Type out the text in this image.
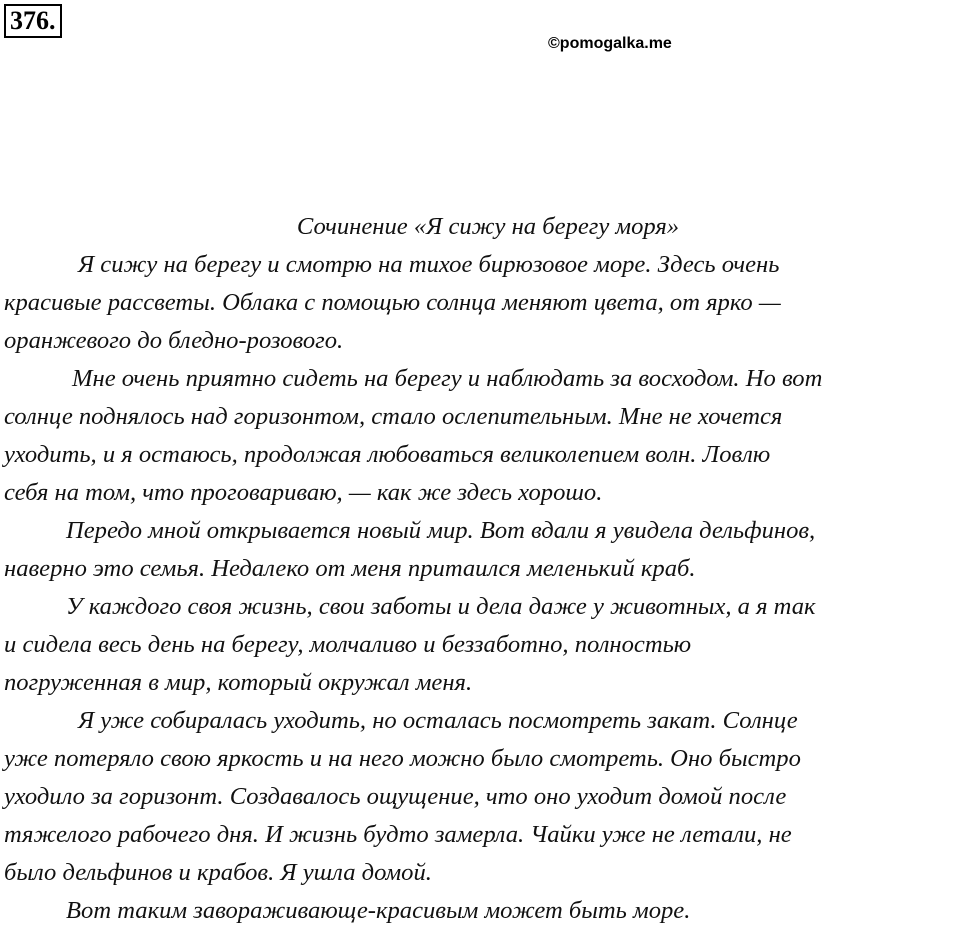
376.
©pomogalka.me

Сочинение «Я сижу на берегу моря»

Я сижу на берегу и смотрю на тихое бирюзовое море. Здесь очень
красивые рассветы. Облака с помощью солнца меняют цвета, от ярко —
оранжевого до бледно-розового.
Мне очень приятно сидеть на берегу и наблюдать за восходом. Но вот
солнце поднялось над горизонтом, стало ослепительным. Мне не хочется
уходить, и я остаюсь, продолжая любоваться великолепием волн. Ловлю
себя на том, что проговариваю, — как же здесь хорошо.
Передо мной открывается новый мир. Вот вдали я увидела дельфинов,
наверно это семья. Недалеко от меня притаился меленький краб.
У каждого своя жизнь, свои заботы и дела даже у животных, а я так
и сидела весь день на берегу, молчаливо и беззаботно, полностью
погруженная в мир, который окружал меня.
Я уже собиралась уходить, но осталась посмотреть закат. Солнце
уже потеряло свою яркость и на него можно было смотреть. Оно быстро
уходило за горизонт. Создавалось ощущение, что оно уходит домой после
тяжелого рабочего дня. И жизнь будто замерла. Чайки уже не летали, не
было дельфинов и крабов. Я ушла домой.
Вот таким завораживающе-красивым может быть море.
